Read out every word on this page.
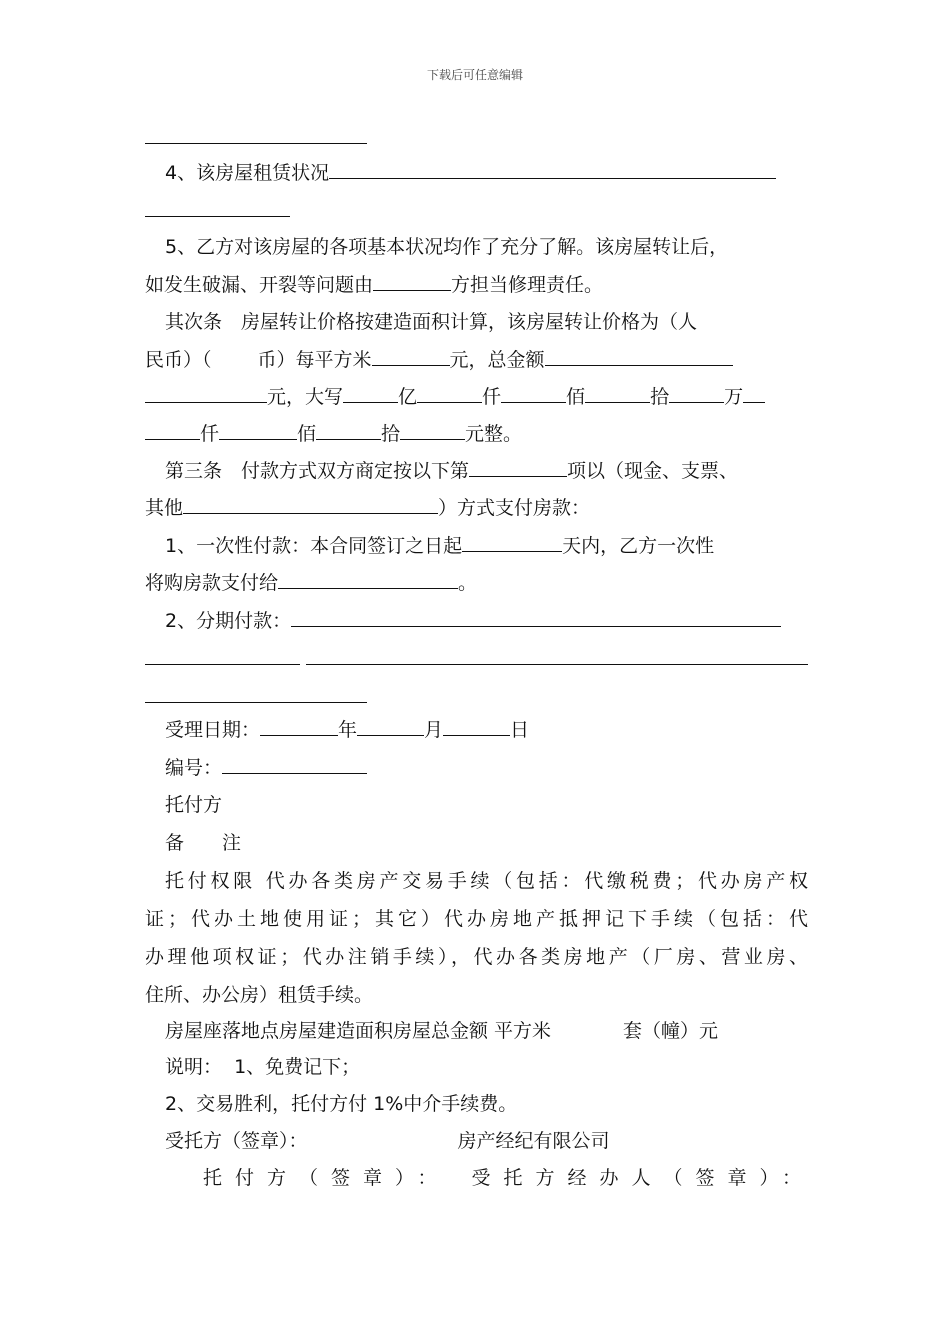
下载后可任意编辑
4、该房屋租赁状况
5、乙方对该房屋的各项基本状况均作了充分了解。该房屋转让后，
如发生破漏、开裂等问题由	方担当修理责任。
其次条　房屋转让价格按建造面积计算，该房屋转让价格为（人
民币）（ 币）每平方米	元，总金额
元，大写	亿	仟	佰	拾	万
仟	佰	拾	元整。
第三条　付款方式双方商定按以下第	项以（现金、支票、
其他	）方式支付房款：
1、一次性付款：本合同签订之日起	天内，乙方一次性
将购房款支付给	。
2、分期付款：
受理日期：	年	月	日
编号：
托付方
备　　注
托付权限 代办各类房产交易手续（包括：代缴税费；代办房产权
证；代办土地使用证；其它）代办房地产抵押记下手续（包括：代
办理他项权证；代办注销手续），代办各类房地产（厂房、营业房、
住所、办公房）租赁手续。
房屋座落地点房屋建造面积房屋总金额 平方米	套（幢）元
说明：  1、免费记下；
2、交易胜利，托付方付 1%中介手续费。
受托方（签章）：	房产经纪有限公司
托付方（签章）： 受托方经办人（签章）：
